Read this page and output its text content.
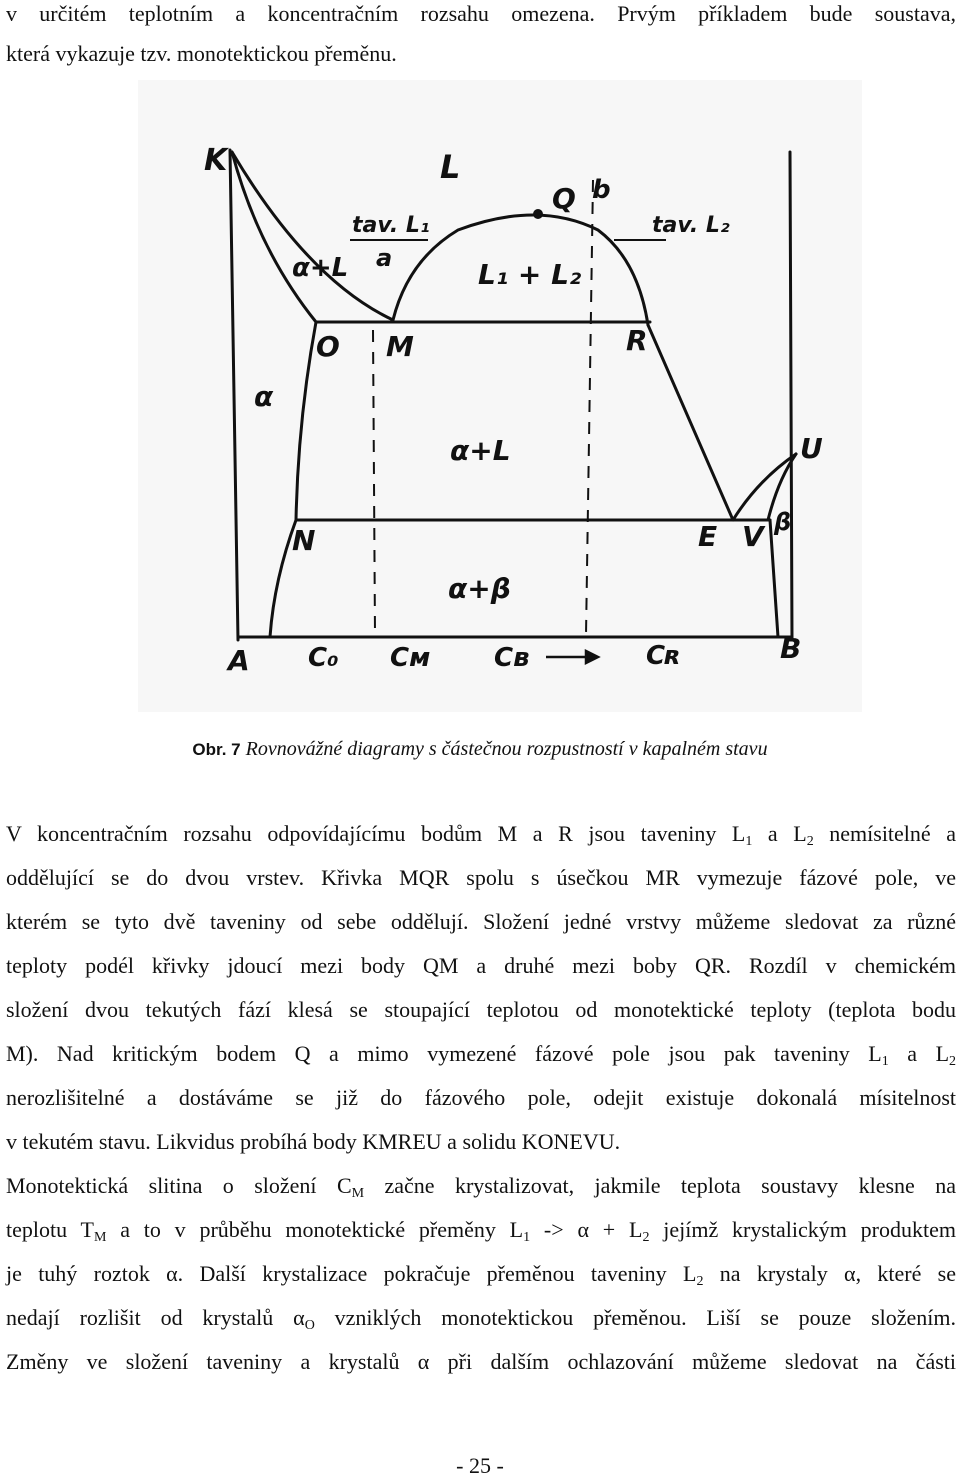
v určitém teplotním a koncentračním rozsahu omezena. Prvým příkladem bude soustava,
která vykazuje tzv. monotektickou přeměnu.
K	L
Q b
tav. L₁	tav. L₂
α+L a	L₁ + L₂
O M	R
α
α+L	U
N	E V β
α+β
A C₀ Cᴍ Cʙ	Cʀ	B
Obr. 7 Rovnovážné diagramy s částečnou rozpustností v kapalném stavu
V koncentračním rozsahu odpovídajícímu bodům M a R jsou taveniny $L_1$ a $L_2$ nemísitelné a
oddělující se do dvou vrstev. Křivka MQR spolu s úsečkou MR vymezuje fázové pole, ve
kterém se tyto dvě taveniny od sebe oddělují. Složení jedné vrstvy můžeme sledovat za různé
teploty podél křivky jdoucí mezi body QM a druhé mezi boby QR. Rozdíl v chemickém
složení dvou tekutých fází klesá se stoupající teplotou od monotektické teploty (teplota bodu
M). Nad kritickým bodem Q a mimo vymezené fázové pole jsou pak taveniny $L_1$ a $L_2$
nerozlišitelné a dostáváme se již do fázového pole, odejit existuje dokonalá mísitelnost
v tekutém stavu. Likvidus probíhá body KMREU a solidu KONEVU.
Monotektická slitina o složení $C_M$ začne krystalizovat, jakmile teplota soustavy klesne na
teplotu $T_M$ a to v průběhu monotektické přeměny $L_1 -> \alpha + L_2$ jejímž krystalickým produktem
je tuhý roztok α. Další krystalizace pokračuje přeměnou taveniny $L_2$ na krystaly α, které se
nedají rozlišit od krystalů $\alpha_O$ vzniklých monotektickou přeměnou. Liší se pouze složením.
Změny ve složení taveniny a krystalů α při dalším ochlazování můžeme sledovat na části
- 25 -
